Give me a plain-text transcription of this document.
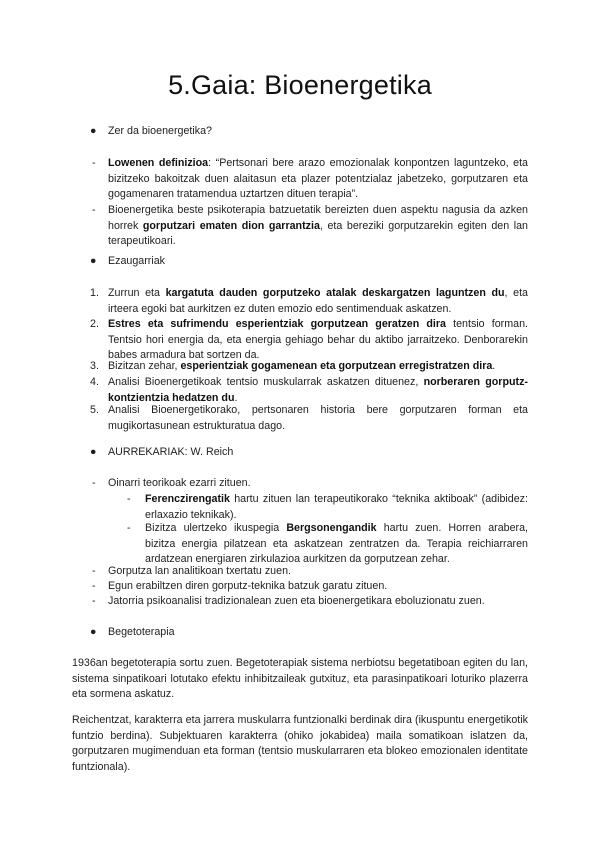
5.Gaia: Bioenergetika
● Zer da bioenergetika?
- Lowenen definizioa: “Pertsonari bere arazo emozionalak konpontzen laguntzeko, eta bizitzeko bakoitzak duen alaitasun eta plazer potentzialaz jabetzeko, gorputzaren eta gogamenaren tratamendua uztartzen dituen terapia”.
- Bioenergetika beste psikoterapia batzuetatik bereizten duen aspektu nagusia da azken horrek gorputzari ematen dion garrantzia, eta bereziki gorputzarekin egiten den lan terapeutikoari.
● Ezaugarriak
1. Zurrun eta kargatuta dauden gorputzeko atalak deskargatzen laguntzen du, eta irteera egoki bat aurkitzen ez duten emozio edo sentimenduak askatzen.
2. Estres eta sufrimendu esperientziak gorputzean geratzen dira tentsio forman. Tentsio hori energia da, eta energia gehiago behar du aktibo jarraitzeko. Denborarekin babes armadura bat sortzen da.
3. Bizitzan zehar, esperientziak gogamenean eta gorputzean erregistratzen dira.
4. Analisi Bioenergetikoak tentsio muskularrak askatzen dituenez, norberaren gorputz-kontzientzia hedatzen du.
5. Analisi Bioenergetikorako, pertsonaren historia bere gorputzaren forman eta mugikortasunean estrukturatua dago.
● AURREKARIAK: W. Reich
- Oinarri teorikoak ezarri zituen.
- Ferenczirengatik hartu zituen lan terapeutikorako “teknika aktiboak” (adibidez: erlaxazio teknikak).
- Bizitza ulertzeko ikuspegia Bergsonengandik hartu zuen. Horren arabera, bizitza energia pilatzean eta askatzean zentratzen da. Terapia reichiarraren ardatzean energiaren zirkulazioa aurkitzen da gorputzean zehar.
- Gorputza lan analitikoan txertatu zuen.
- Egun erabiltzen diren gorputz-teknika batzuk garatu zituen.
- Jatorria psikoanalisi tradizionalean zuen eta bioenergetikara eboluzionatu zuen.
● Begetoterapia
1936an begetoterapia sortu zuen. Begetoterapiak sistema nerbiotsu begetatiboan egiten du lan, sistema sinpatikoari lotutako efektu inhibitzaileak gutxituz, eta parasinpatikoari loturiko plazerra eta sormena askatuz.
Reichentzat, karakterra eta jarrera muskularra funtzionalki berdinak dira (ikuspuntu energetikotik funtzio berdina). Subjektuaren karakterra (ohiko jokabidea) maila somatikoan islatzen da, gorputzaren mugimenduan eta forman (tentsio muskularraren eta blokeo emozionalen identitate funtzionala).
